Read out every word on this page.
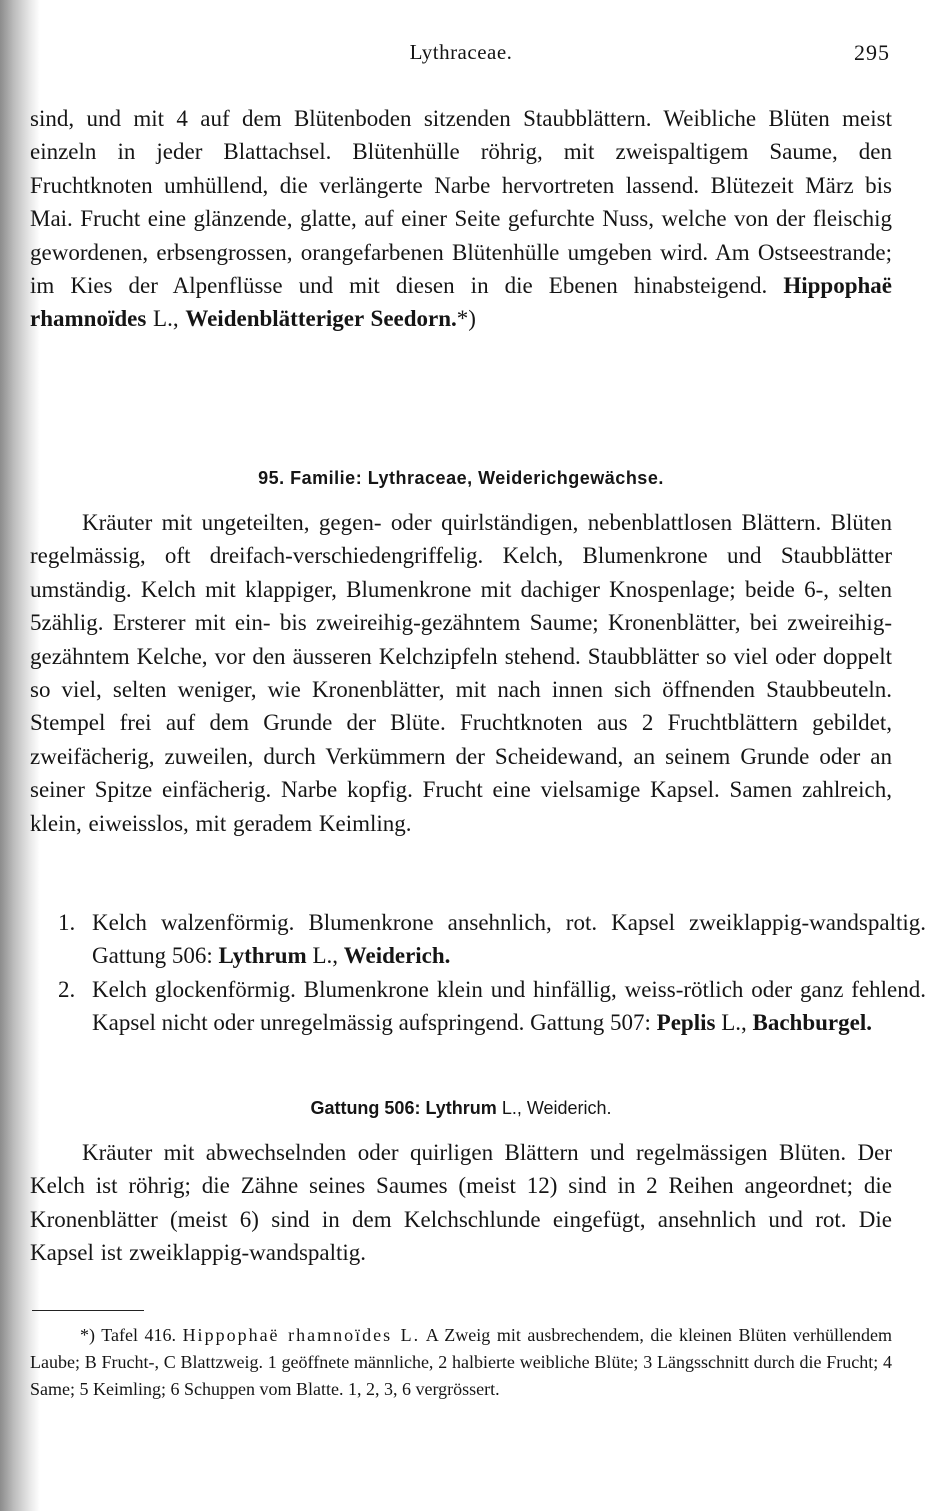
Lythraceae.	295
sind, und mit 4 auf dem Blütenboden sitzenden Staubblättern. Weibliche Blüten meist einzeln in jeder Blattachsel. Blütenhülle röhrig, mit zweispaltigem Saume, den Fruchtknoten umhüllend, die verlängerte Narbe hervortreten lassend. Blütezeit März bis Mai. Frucht eine glänzende, glatte, auf einer Seite gefurchte Nuss, welche von der fleischig gewordenen, erbsengrossen, orangefarbenen Blütenhülle umgeben wird. Am Ostseestrande; im Kies der Alpenflüsse und mit diesen in die Ebenen hinabsteigend. Hippophaë rhamnoïdes L., Weidenblätteriger Seedorn.*)
95. Familie: Lythraceae, Weiderichgewächse.
Kräuter mit ungeteilten, gegen- oder quirlständigen, nebenblattlosen Blättern. Blüten regelmässig, oft dreifach-verschiedengriffelig. Kelch, Blumenkrone und Staubblätter umständig. Kelch mit klappiger, Blumenkrone mit dachiger Knospenlage; beide 6-, selten 5zählig. Ersterer mit ein- bis zweireihig-gezähntem Saume; Kronenblätter, bei zweireihig-gezähntem Kelche, vor den äusseren Kelchzipfeln stehend. Staubblätter so viel oder doppelt so viel, selten weniger, wie Kronenblätter, mit nach innen sich öffnenden Staubbeuteln. Stempel frei auf dem Grunde der Blüte. Fruchtknoten aus 2 Fruchtblättern gebildet, zweifächerig, zuweilen, durch Verkümmern der Scheidewand, an seinem Grunde oder an seiner Spitze einfächerig. Narbe kopfig. Frucht eine vielsamige Kapsel. Samen zahlreich, klein, eiweisslos, mit geradem Keimling.
1. Kelch walzenförmig. Blumenkrone ansehnlich, rot. Kapsel zweiklappig-wandspaltig. Gattung 506: Lythrum L., Weiderich.
2. Kelch glockenförmig. Blumenkrone klein und hinfällig, weiss-rötlich oder ganz fehlend. Kapsel nicht oder unregelmässig aufspringend. Gattung 507: Peplis L., Bachburgel.
Gattung 506: Lythrum L., Weiderich.
Kräuter mit abwechselnden oder quirligen Blättern und regelmässigen Blüten. Der Kelch ist röhrig; die Zähne seines Saumes (meist 12) sind in 2 Reihen angeordnet; die Kronenblätter (meist 6) sind in dem Kelchschlunde eingefügt, ansehnlich und rot. Die Kapsel ist zweiklappig-wandspaltig.
*) Tafel 416. Hippophaë rhamnoïdes L. A Zweig mit ausbrechendem, die kleinen Blüten verhüllendem Laube; B Frucht-, C Blattzweig. 1 geöffnete männliche, 2 halbierte weibliche Blüte; 3 Längsschnitt durch die Frucht; 4 Same; 5 Keimling; 6 Schuppen vom Blatte. 1, 2, 3, 6 vergrössert.
